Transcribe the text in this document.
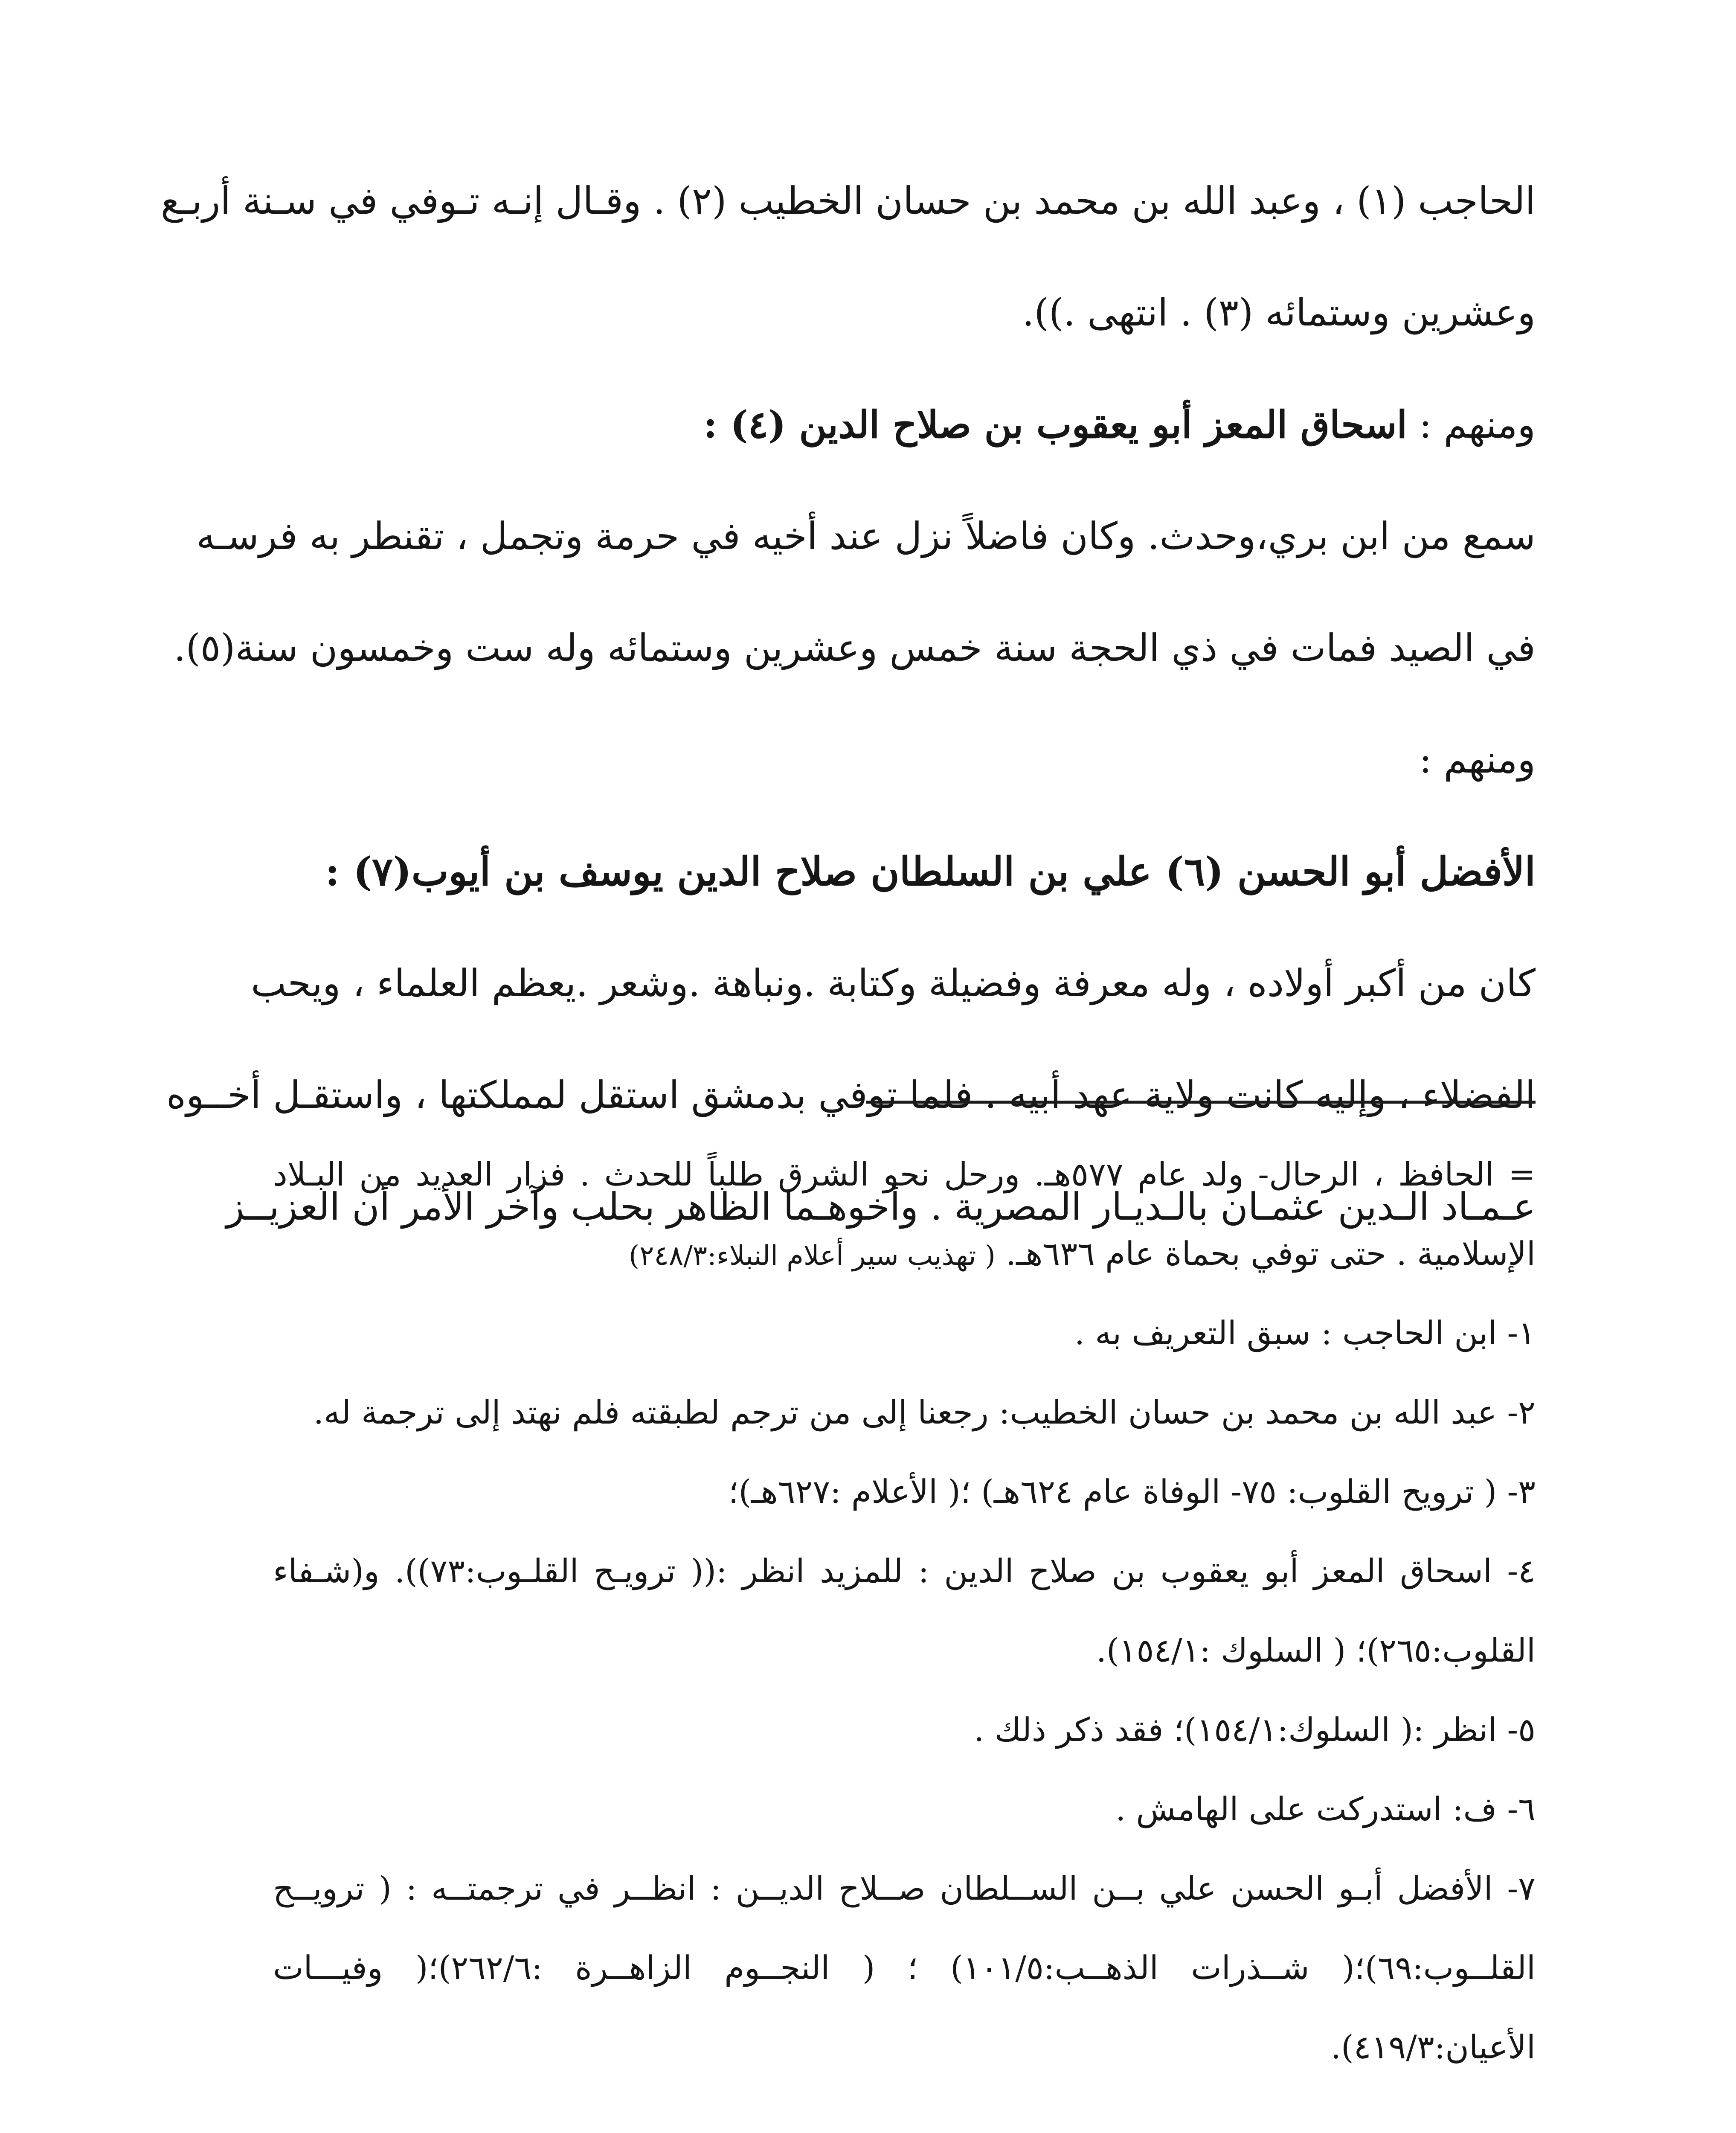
الحاجب (١) ، وعبد الله بن محمد بن حسان الخطيب (٢) . وقـال إنـه تـوفي في سـنة أربـع
وعشرين وستمائه (٣) . انتهى .)).
ومنهم : اسحاق المعز أبو يعقوب بن صلاح الدين (٤) :
سمع من ابن بري،وحدث. وكان فاضلاً نزل عند أخيه في حرمة وتجمل ، تقنطر به فرسـه
في الصيد فمات في ذي الحجة سنة خمس وعشرين وستمائه وله ست وخمسون سنة(٥).
ومنهم :
الأفضل أبو الحسن (٦) علي بن السلطان صلاح الدين يوسف بن أيوب(٧) :
كان من أكبر أولاده ، وله معرفة وفضيلة وكتابة .ونباهة .وشعر .يعظم العلماء ، ويحب
الفضلاء ، وإليه كانت ولاية عهد أبيه . فلما توفي بدمشق استقل لمملكتها ، واستقـل أخــوه
عـمـاد الـدين عثمـان بالـديـار المصرية . وأخوهـما الظاهر بحلب وآخر الأمر أن العزيــز
= الحافظ ، الرحال- ولد عام ٥٧٧هـ. ورحل نحو الشرق طلباً للحدث . فزار العديد من البـلاد
الإسلامية . حتى توفي بحماة عام ٦٣٦هـ. ( تهذيب سير أعلام النبلاء:٢٤٨/٣)
١- ابن الحاجب : سبق التعريف به .
٢- عبد الله بن محمد بن حسان الخطيب: رجعنا إلى من ترجم لطبقته فلم نهتد إلى ترجمة له.
٣- ( ترويح القلوب: ٧٥- الوفاة عام ٦٢٤هـ) ؛( الأعلام :٦٢٧هـ)؛
٤- اسحاق المعز أبو يعقوب بن صلاح الدين : للمزيد انظر :(( ترويـح القلـوب:٧٣)). و(شـفاء
القلوب:٢٦٥)؛ ( السلوك :١٥٤/١).
٥- انظر :( السلوك:١٥٤/١)؛ فقد ذكر ذلك .
٦- ف: استدركت على الهامش .
٧- الأفضل أبـو الحسن علي بــن الســلطان صــلاح الديــن : انظــر في ترجمتــه : ( ترويــح
القلــوب:٦٩)؛( شــذرات الذهــب:١٠١/٥) ؛ ( النجــوم الزاهــرة :٢٦٢/٦)؛( وفيـــات
الأعيان:٤١٩/٣).
